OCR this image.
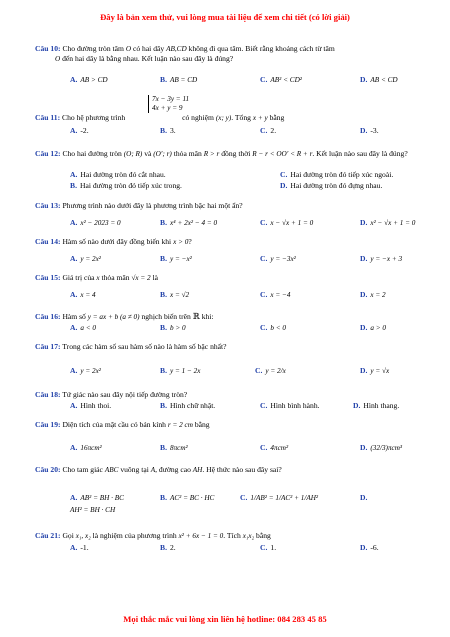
Đây là bản xem thử, vui lòng mua tài liệu để xem chi tiết (có lời giải)
Câu 10: Cho đường tròn tâm O có hai dây AB,CD không đi qua tâm. Biết rằng khoảng cách từ tâm
O đến hai dây là bằng nhau. Kết luận nào sau đây là đúng?
A. AB > CD	B. AB = CD	C. AB² < CD²	D. AB < CD
Câu 11: Cho hệ phương trình
7x − 3y = 11
4x + y = 9
có nghiệm (x; y). Tổng x + y bằng
A. -2.	B. 3.	C. 2.	D. -3.
Câu 12: Cho hai đường tròn (O; R) và (O′; r) thỏa mãn R > r đồng thời R − r < OO′ < R + r. Kết luận nào sau đây là đúng?
A. Hai đường tròn đó cắt nhau.	C. Hai đường tròn đó tiếp xúc ngoài.
B. Hai đường tròn đó tiếp xúc trong.	D. Hai đường tròn đó đựng nhau.
Câu 13: Phương trình nào dưới đây là phương trình bậc hai một ẩn?
A. x² − 2023 = 0	B. x⁴ + 2x² − 4 = 0	C. x − √x + 1 = 0	D. x² − √x + 1 = 0
Câu 14: Hàm số nào dưới đây đồng biến khi x > 0?
A. y = 2x²	B. y = −x²	C. y = −3x²	D. y = −x + 3
Câu 15: Giá trị của x thỏa mãn √x = 2 là
A. x = 4	B. x = √2	C. x = −4	D. x = 2
Câu 16: Hàm số y = ax + b (a ≠ 0) nghịch biến trên ℝ khi:
A. a < 0	B. b > 0	C. b < 0	D. a > 0
Câu 17: Trong các hàm số sau hàm số nào là hàm số bậc nhất?
A. y = 2x²	B. y = 1 − 2x	C. y = 2/x	D. y = √x
Câu 18: Tứ giác nào sau đây nội tiếp đường tròn?
A. Hình thoi.	B. Hình chữ nhật.	C. Hình bình hành.	D. Hình thang.
Câu 19: Diện tích của mặt cầu có bán kính r = 2 cm bằng
A. 16πcm²	B. 8πcm²	C. 4πcm²	D. (32/3)πcm³
Câu 20: Cho tam giác ABC vuông tại A, đường cao AH. Hệ thức nào sau đây sai?
A. AB² = BH · BC	B. AC² = BC · HC	C. 1/AB² = 1/AC² + 1/AH²	D.
AH² = BH · CH
Câu 21: Gọi x₁, x₂ là nghiệm của phương trình x² + 6x − 1 = 0. Tích x₁x₂ bằng
A. -1.	B. 2.	C. 1.	D. -6.
Mọi thắc mắc vui lòng xin liên hệ hotline: 084 283 45 85
